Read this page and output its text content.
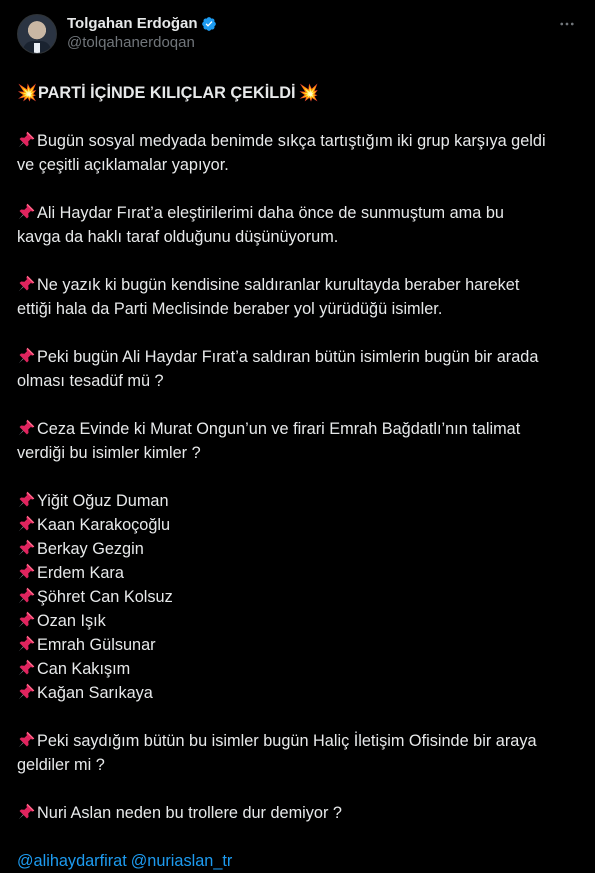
Tolgahan Erdoğan
@tolqahanerdoqan
💥PARTİ İÇİNDE KILIÇLAR ÇEKİLDİ 💥
Bugün sosyal medyada benimde sıkça tartıştığım iki grup karşıya geldi
ve çeşitli açıklamalar yapıyor.
Ali Haydar Fırat’a eleştirilerimi daha önce de sunmuştum ama bu
kavga da haklı taraf olduğunu düşünüyorum.
Ne yazık ki bugün kendisine saldıranlar kurultayda beraber hareket
ettiği hala da Parti Meclisinde beraber yol yürüdüğü isimler.
Peki bugün Ali Haydar Fırat’a saldıran bütün isimlerin bugün bir arada
olması tesadüf mü ?
Ceza Evinde ki Murat Ongun’un ve firari Emrah Bağdatlı’nın talimat
verdiği bu isimler kimler ?
Yiğit Oğuz Duman
Kaan Karakoçoğlu
Berkay Gezgin
Erdem Kara
Şöhret Can Kolsuz
Ozan Işık
Emrah Gülsunar
Can Kakışım
Kağan Sarıkaya
Peki saydığım bütün bu isimler bugün Haliç İletişim Ofisinde bir araya
geldiler mi ?
Nuri Aslan neden bu trollere dur demiyor ?
@alihaydarfirat @nuriaslan_tr
